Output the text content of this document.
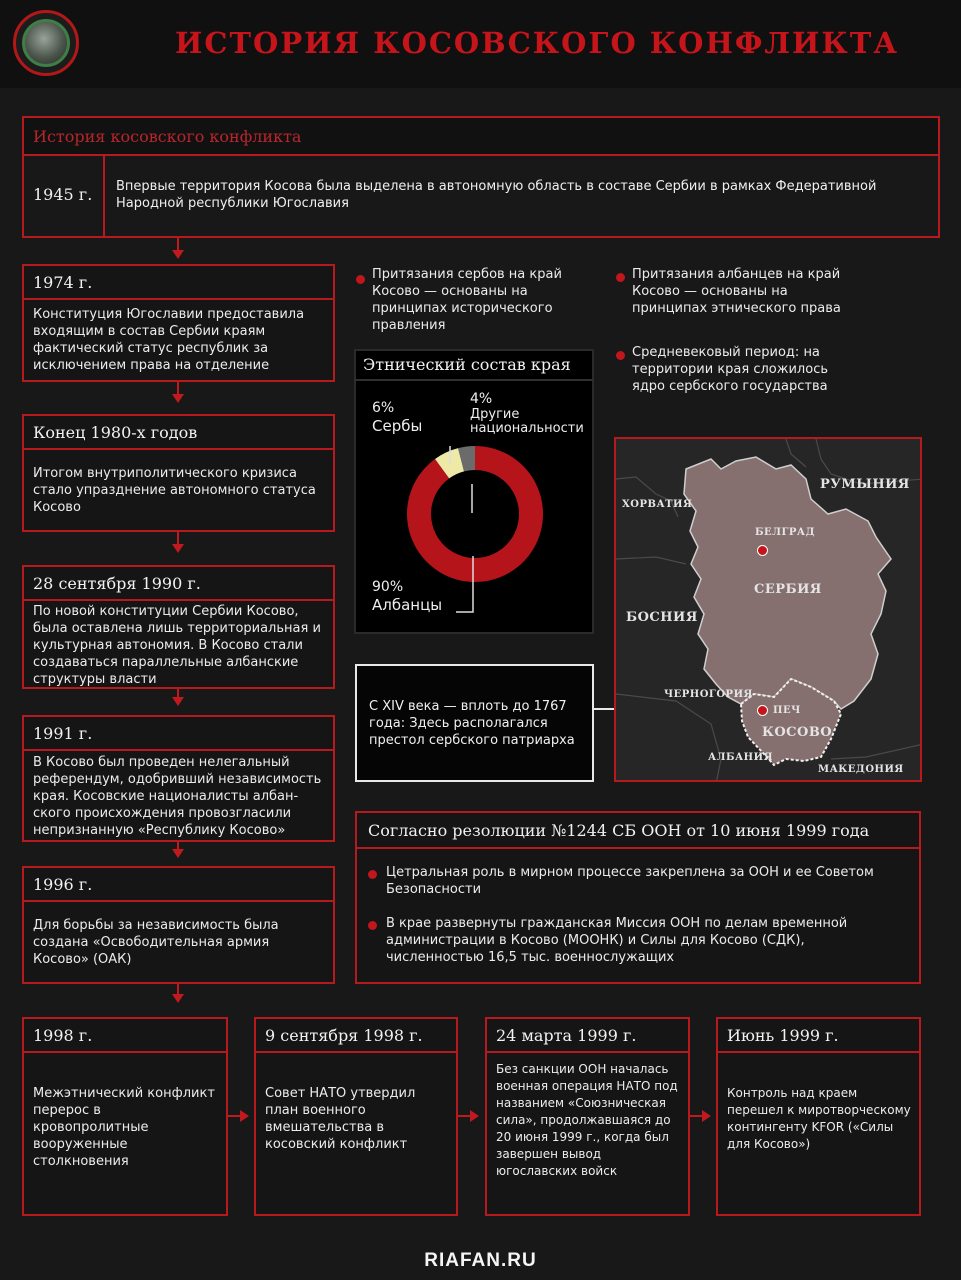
ИСТОРИЯ КОСОВСКОГО КОНФЛИКТА
История косовского конфликта
1945 г.	Впервые территория Косова была выделена в автономную область в составе Сербии в рамках Федеративной Народной республики Югославия
1974 г.
Конституция Югославии предоставила входящим в состав Сербии краям фактический статус республик за исключением права на отделение
Конец 1980-х годов
Итогом внутриполитического кризиса стало упразднение автономного статуса Косово
28 сентября 1990 г.
По новой конституции Сербии Косово, была оставлена лишь территориальная и культурная автономия. В Косово стали создаваться параллельные албанские структуры власти
1991 г.
В Косово был проведен нелегальный референдум, одобривший независимость края. Косовские националисты албан-ского происхождения провозгласили непризнанную «Республику Косово»
1996 г.
Для борьбы за независимость была создана «Освободительная армия Косово» (ОАК)
1998 г.
Межэтнический конфликт перерос в кровопролитные вооруженные столкновения
9 сентября 1998 г.
Совет НАТО утвердил план военного вмешательства в косовский конфликт
24 марта 1999 г.
Без санкции ООН началась военная операция НАТО под названием «Союзническая сила», продолжавшаяся до 20 июня 1999 г., когда был завершен вывод югославских войск
Июнь 1999 г.
Контроль над краем перешел к миротворческому контингенту KFOR («Силы для Косово»)
Притязания сербов на край Косово — основаны на принципах исторического правления
Притязания албанцев на край Косово — основаны на принципах этнического права
Средневековый период: на территории края сложилось ядро сербского государства
Этнический состав края
6%
Сербы
4%
Другие
национальности
90%
Албанцы
С XIV века — вплоть до 1767 года: Здесь располагался престол сербского патриарха
РУМЫНИЯ
ХОРВАТИЯ
БЕЛГРАД
СЕРБИЯ
БОСНИЯ
ЧЕРНОГОРИЯ
ПЕЧ
КОСОВО
АЛБАНИЯ
МАКЕДОНИЯ
Согласно резолюции №1244 СБ ООН от 10 июня 1999 года
Цетральная роль в мирном процессе закреплена за ООН и ее Советом Безопасности
В крае развернуты гражданская Миссия ООН по делам временной администрации в Косово (МООНК) и Силы для Косово (СДК), численностью 16,5 тыс. военнослужащих
RIAFAN.RU
